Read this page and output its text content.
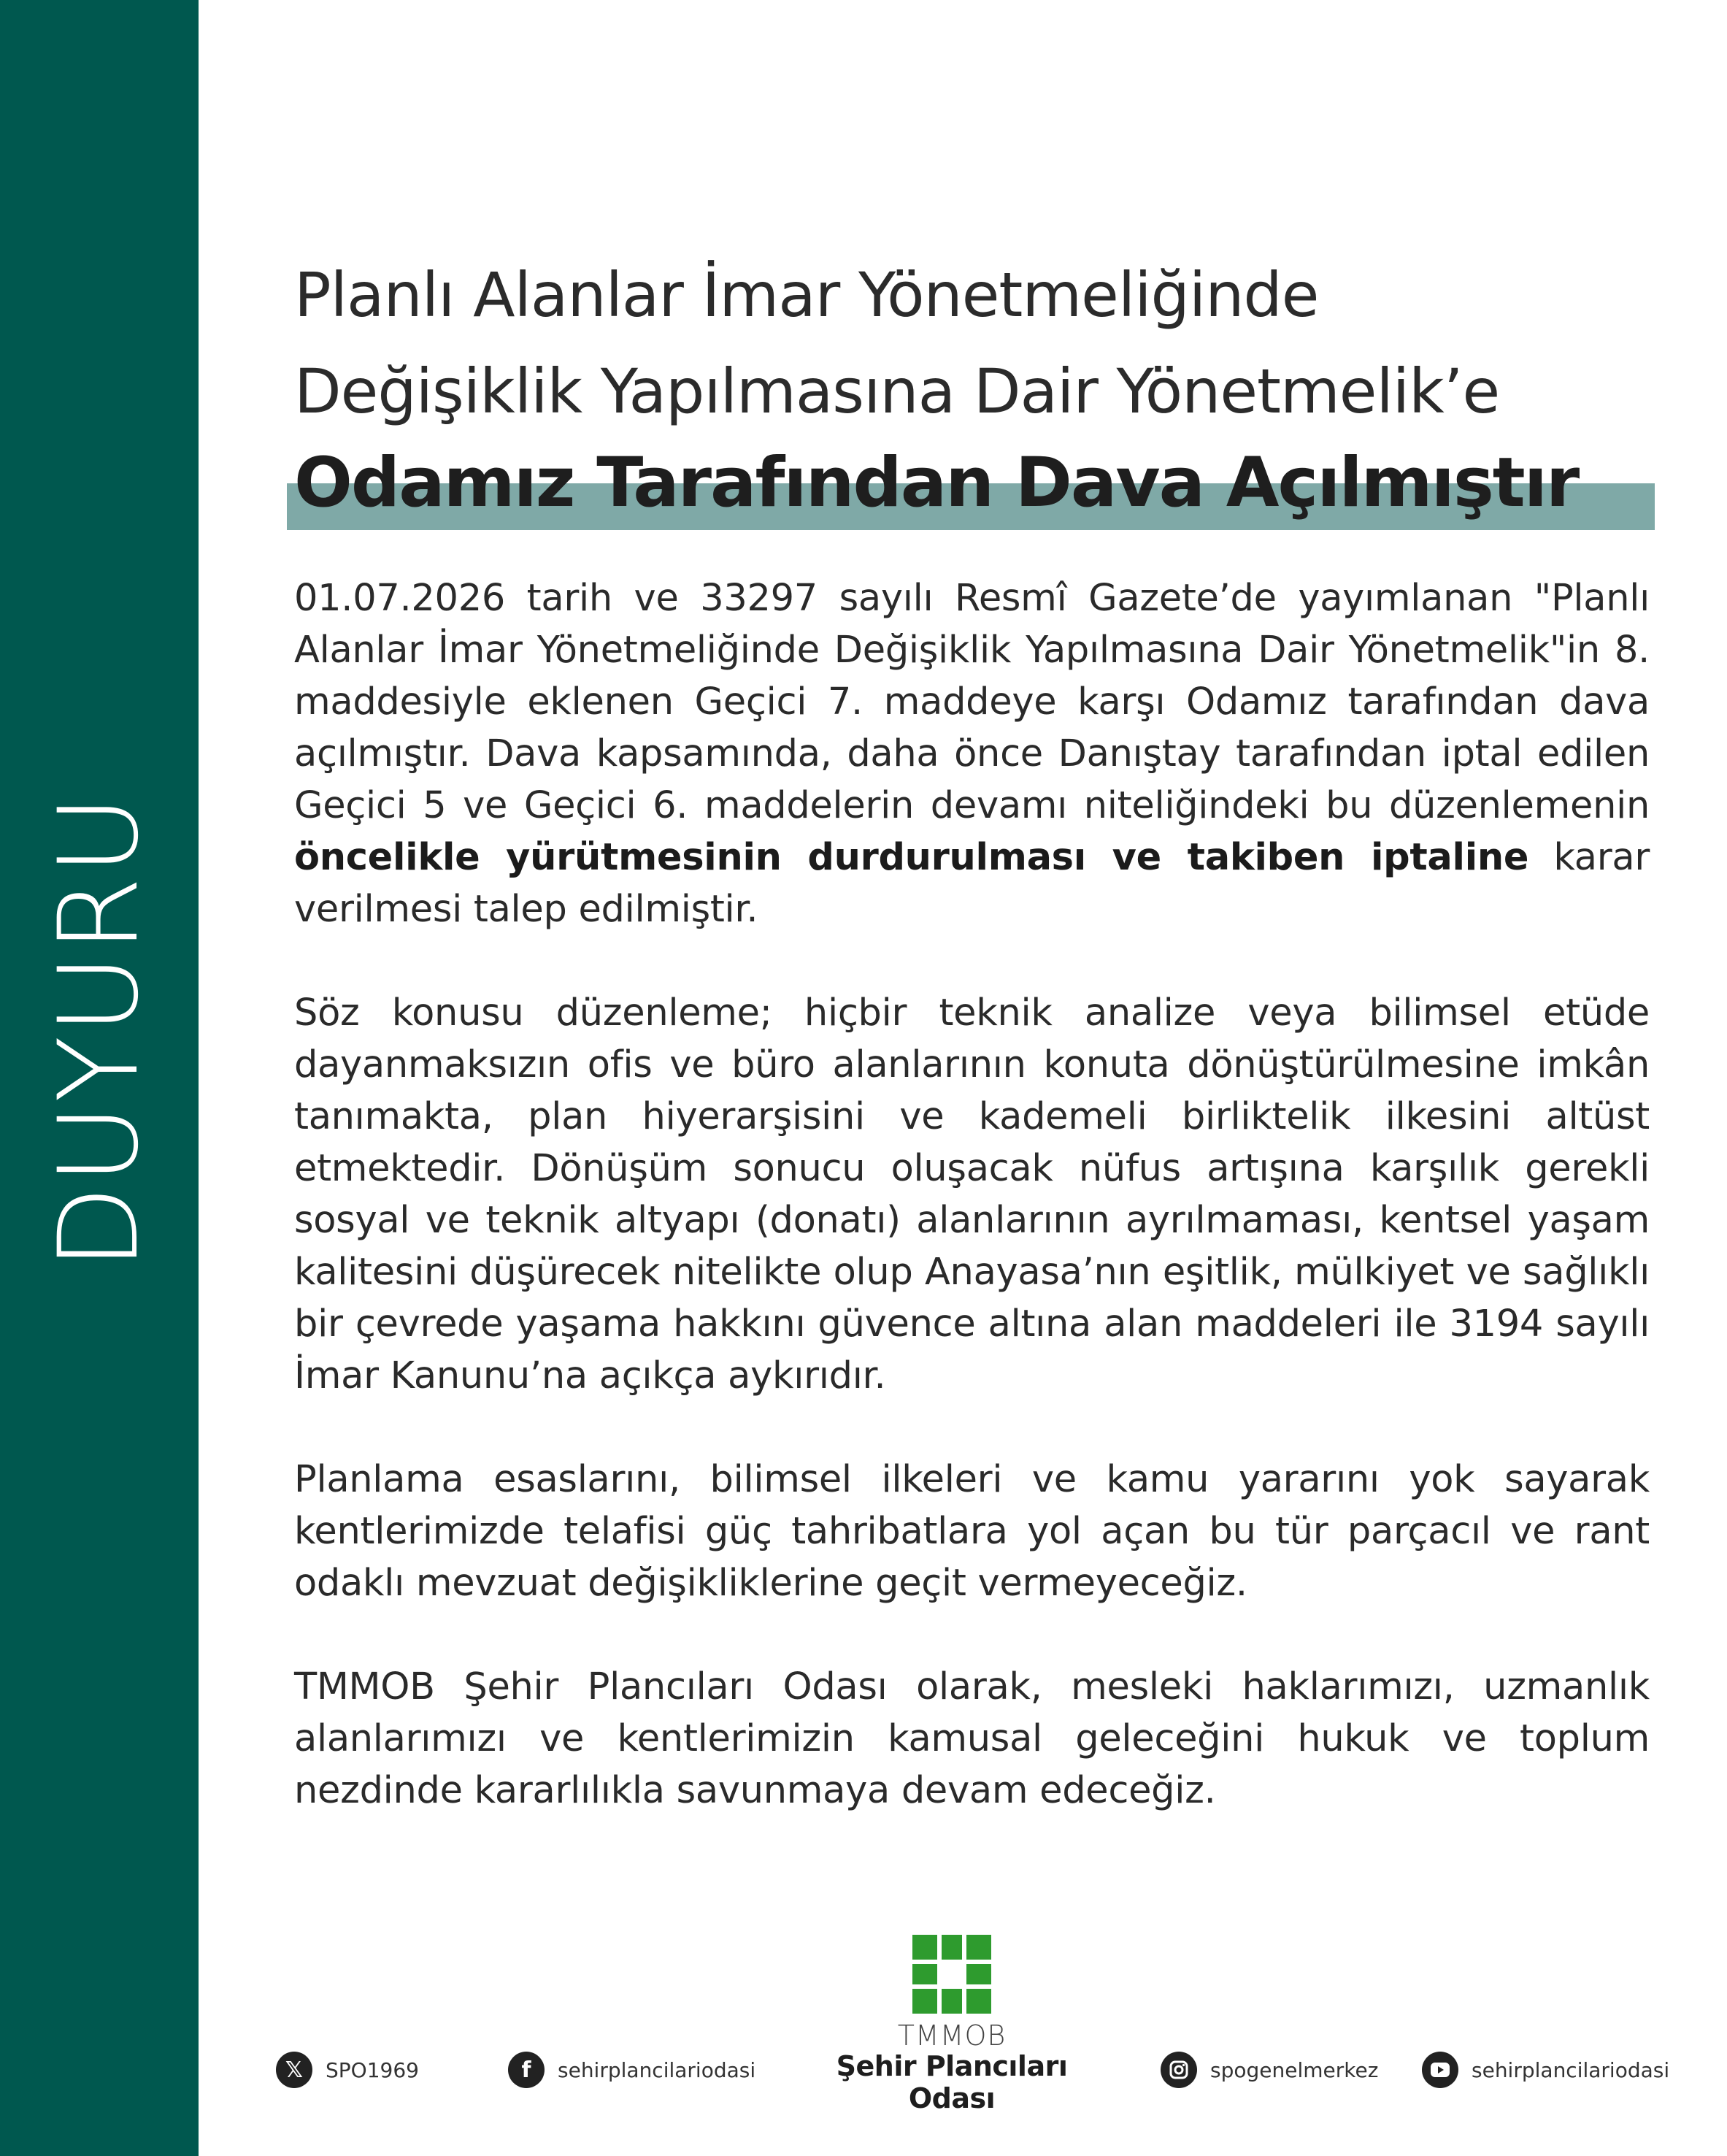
DUYURU
Planlı Alanlar İmar Yönetmeliğinde
Değişiklik Yapılmasına Dair Yönetmelik’e
Odamız Tarafından Dava Açılmıştır

01.07.2026 tarih ve 33297 sayılı Resmî Gazete’de yayımlanan "Planlı Alanlar İmar Yönetmeliğinde Değişiklik Yapılmasına Dair Yönetmelik"in 8. maddesiyle eklenen Geçici 7. maddeye karşı Odamız tarafından dava açılmıştır. Dava kapsamında, daha önce Danıştay tarafından iptal edilen Geçici 5 ve Geçici 6. maddelerin devamı niteliğindeki bu düzenlemenin öncelikle yürütmesinin durdurulması ve takiben iptaline karar verilmesi talep edilmiştir.

Söz konusu düzenleme; hiçbir teknik analize veya bilimsel etüde dayanmaksızın ofis ve büro alanlarının konuta dönüştürülmesine imkân tanımakta, plan hiyerarşisini ve kademeli birliktelik ilkesini altüst etmektedir. Dönüşüm sonucu oluşacak nüfus artışına karşılık gerekli sosyal ve teknik altyapı (donatı) alanlarının ayrılmaması, kentsel yaşam kalitesini düşürecek nitelikte olup Anayasa’nın eşitlik, mülkiyet ve sağlıklı bir çevrede yaşama hakkını güvence altına alan maddeleri ile 3194 sayılı İmar Kanunu’na açıkça aykırıdır.

Planlama esaslarını, bilimsel ilkeleri ve kamu yararını yok sayarak kentlerimizde telafisi güç tahribatlara yol açan bu tür parçacıl ve rant odaklı mevzuat değişikliklerine geçit vermeyeceğiz.

TMMOB Şehir Plancıları Odası olarak, mesleki haklarımızı, uzmanlık alanlarımızı ve kentlerimizin kamusal geleceğini hukuk ve toplum nezdinde kararlılıkla savunmaya devam edeceğiz.

𝕏	SPO1969	f	sehirplancilariodasi
TMMOB
Şehir Plancıları Odası
spogenelmerkez	sehirplancilariodasi
